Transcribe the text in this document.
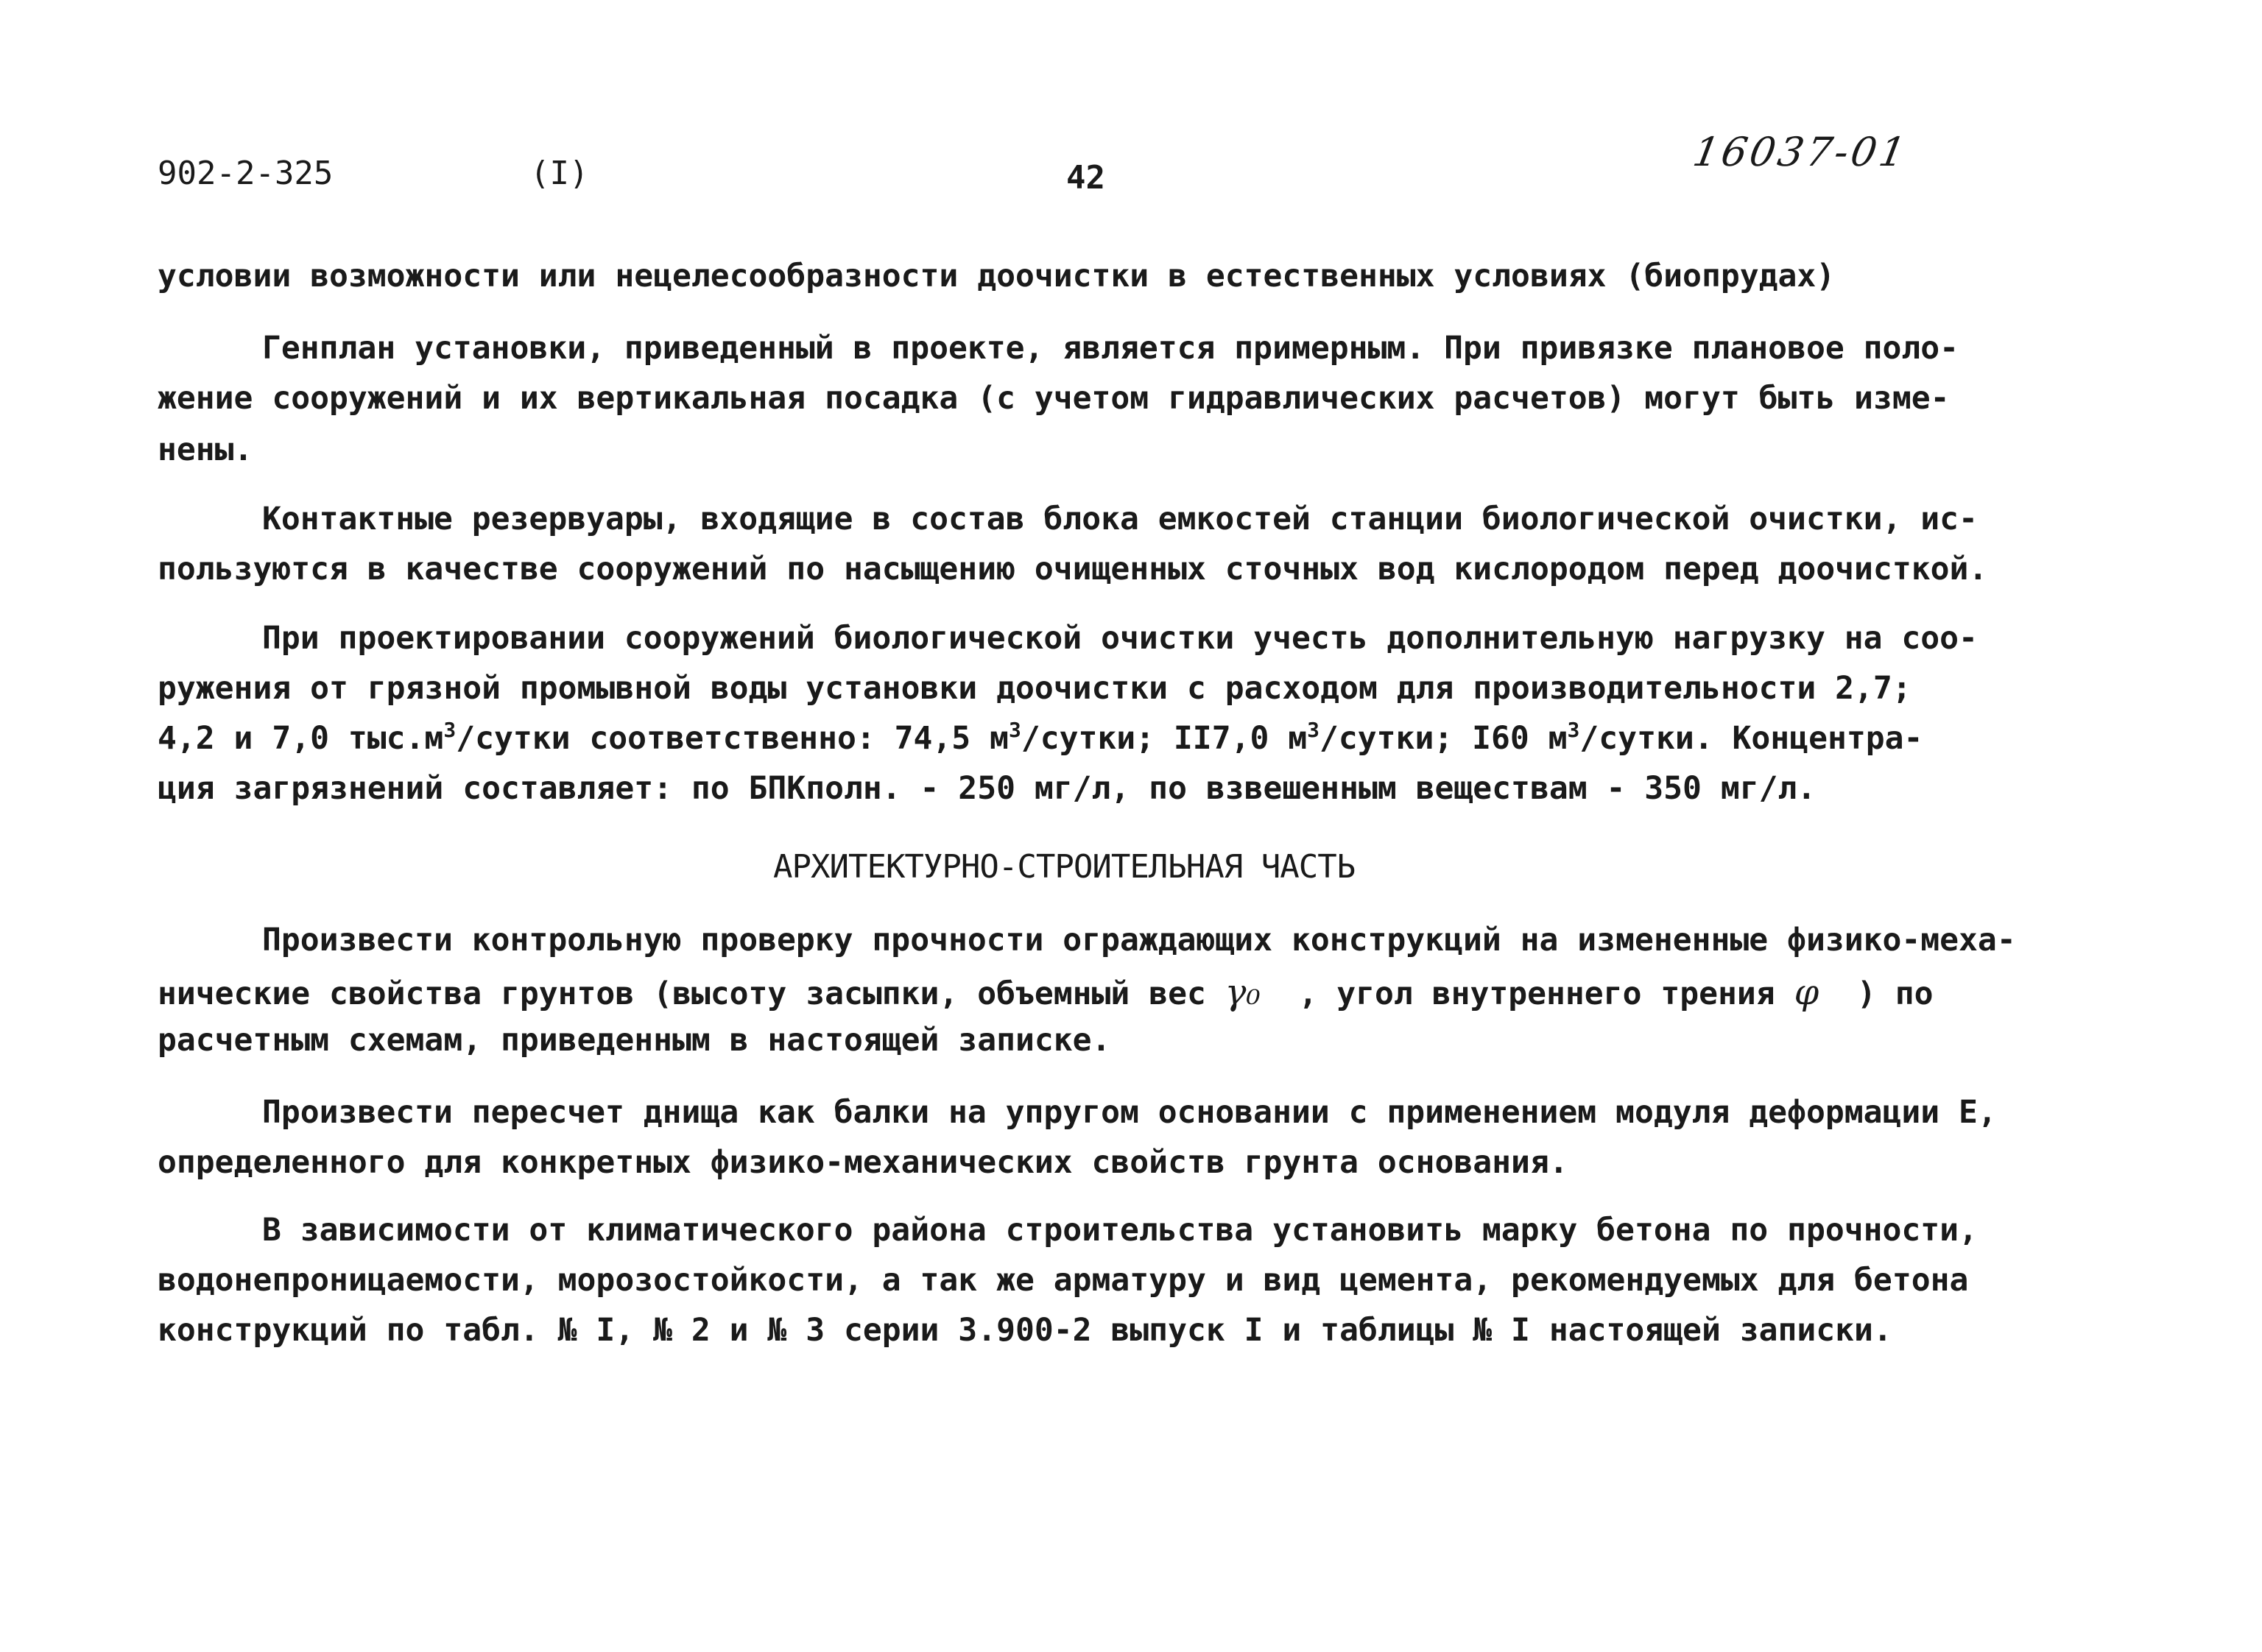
902-2-325	(I)	42
16037-01
условии возможности или нецелесообразности доочистки в естественных условиях (биопрудах)
Генплан установки, приведенный в проекте, является примерным. При привязке плановое поло-
жение сооружений и их вертикальная посадка (с учетом гидравлических расчетов) могут быть изме-
нены.
Контактные резервуары, входящие в состав блока емкостей станции биологической очистки, ис-
пользуются в качестве сооружений по насыщению очищенных сточных вод кислородом перед доочисткой.
При проектировании сооружений биологической очистки учесть дополнительную нагрузку на соо-
ружения от грязной промывной воды установки доочистки с расходом для производительности 2,7;
4,2 и 7,0 $тыс.м^3$/сутки соответственно: 74,5 $м^3$/сутки; II7,0 $м^3$/сутки; I60 $м^3$/сутки. Концентра-
ция загрязнений составляет: по БПКполн. - 250 мг/л, по взвешенным веществам - 350 мг/л.
АРХИТЕКТУРНО-СТРОИТЕЛЬНАЯ ЧАСТЬ
Произвести контрольную проверку прочности ограждающих конструкций на измененные физико-меха-
нические свойства грунтов (высоту засыпки, объемный вес γ₀ , угол внутреннего трения φ ) по
расчетным схемам, приведенным в настоящей записке.
Произвести пересчет днища как балки на упругом основании с применением модуля деформации Е,
определенного для конкретных физико-механических свойств грунта основания.
В зависимости от климатического района строительства установить марку бетона по прочности,
водонепроницаемости, морозостойкости, а так же арматуру и вид цемента, рекомендуемых для бетона
конструкций по табл. № I, № 2 и № 3 серии 3.900-2 выпуск I и таблицы № I настоящей записки.
